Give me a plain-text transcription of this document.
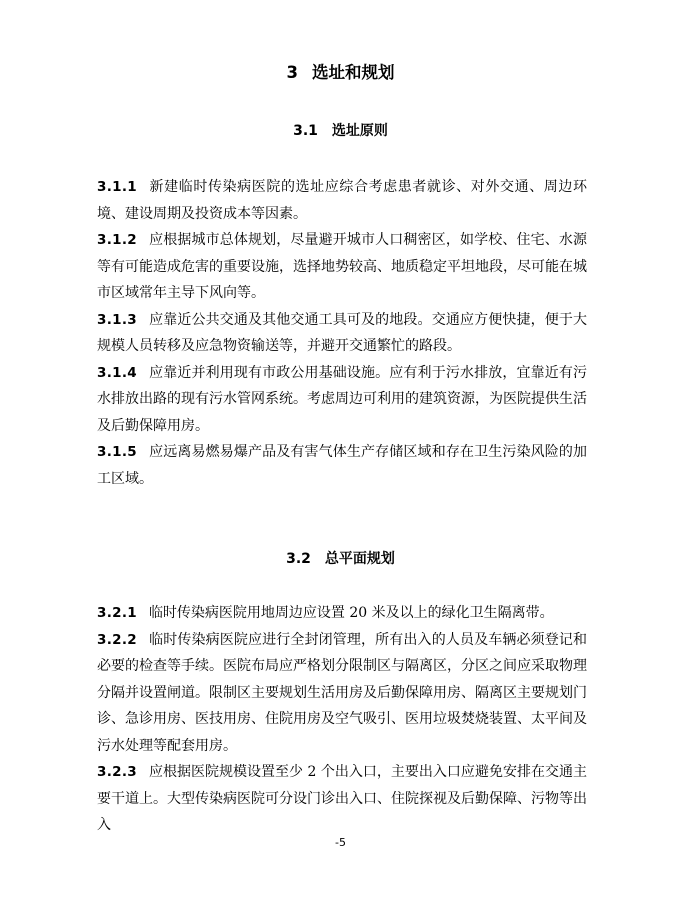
3 选址和规划
3.1 选址原则

3.1.1 新建临时传染病医院的选址应综合考虑患者就诊、对外交通、周边环境、建设周期及投资成本等因素。

3.1.2 应根据城市总体规划，尽量避开城市人口稠密区，如学校、住宅、水源等有可能造成危害的重要设施，选择地势较高、地质稳定平坦地段，尽可能在城市区域常年主导下风向等。

3.1.3 应靠近公共交通及其他交通工具可及的地段。交通应方便快捷，便于大规模人员转移及应急物资输送等，并避开交通繁忙的路段。

3.1.4 应靠近并利用现有市政公用基础设施。应有利于污水排放，宜靠近有污水排放出路的现有污水管网系统。考虑周边可利用的建筑资源，为医院提供生活及后勤保障用房。

3.1.5 应远离易燃易爆产品及有害气体生产存储区域和存在卫生污染风险的加工区域。

3.2 总平面规划

3.2.1 临时传染病医院用地周边应设置 20 米及以上的绿化卫生隔离带。

3.2.2 临时传染病医院应进行全封闭管理，所有出入的人员及车辆必须登记和必要的检查等手续。医院布局应严格划分限制区与隔离区，分区之间应采取物理分隔并设置闸道。限制区主要规划生活用房及后勤保障用房、隔离区主要规划门诊、急诊用房、医技用房、住院用房及空气吸引、医用垃圾焚烧装置、太平间及污水处理等配套用房。

3.2.3 应根据医院规模设置至少 2 个出入口，主要出入口应避免安排在交通主要干道上。大型传染病医院可分设门诊出入口、住院探视及后勤保障、污物等出入

-5
